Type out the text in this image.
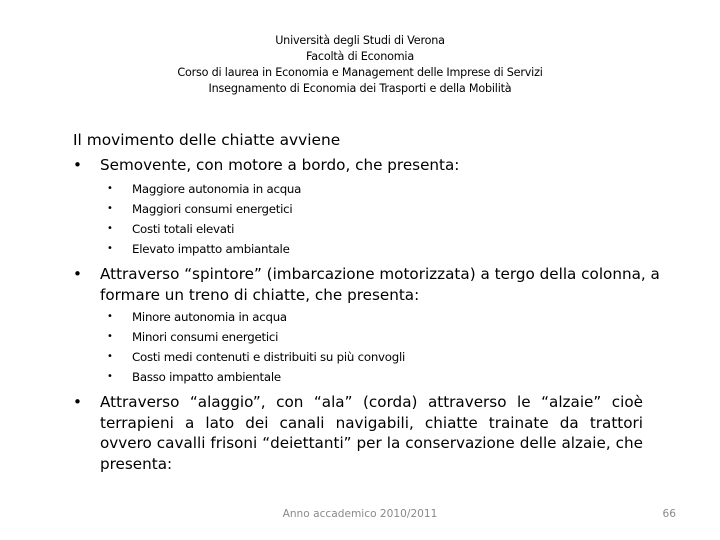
Università degli Studi di Verona
Facoltà di Economia
Corso di laurea in Economia e Management delle Imprese di Servizi
Insegnamento di Economia dei Trasporti e della Mobilità
Il movimento delle chiatte avviene
• Semovente, con motore a bordo, che presenta:
• Maggiore autonomia in acqua
• Maggiori consumi energetici
• Costi totali elevati
• Elevato impatto ambiantale
• Attraverso “spintore” (imbarcazione motorizzata) a tergo della colonna, a
formare un treno di chiatte, che presenta:
• Minore autonomia in acqua
• Minori consumi energetici
• Costi medi contenuti e distribuiti su più convogli
• Basso impatto ambientale
• Attraverso “alaggio”, con “ala” (corda) attraverso le “alzaie” cioè terrapieni a lato dei canali navigabili, chiatte trainate da trattori ovvero cavalli frisoni “deiettanti” per la conservazione delle alzaie, che presenta:
Anno accademico 2010/2011	66
